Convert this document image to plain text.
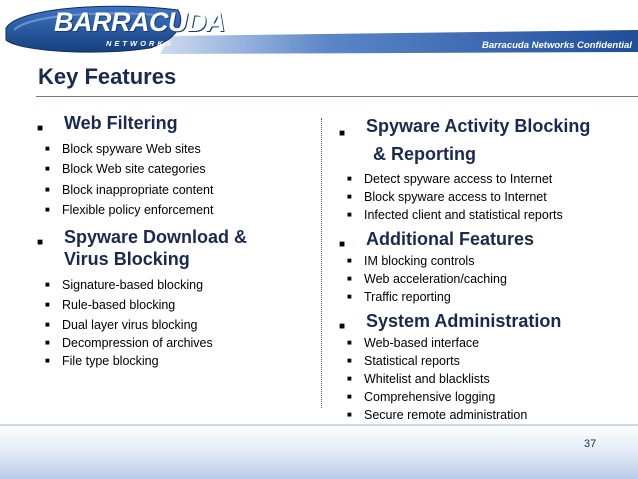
BARRACUDA
NETWORKS	Barracuda Networks Confidential
Key Features
■ Web Filtering
■ Block spyware Web sites
■ Block Web site categories
■ Block inappropriate content
■ Flexible policy enforcement
■ Spyware Download &
Virus Blocking
■ Signature-based blocking
■ Rule-based blocking
■ Dual layer virus blocking
■ Decompression of archives
■ File type blocking
■ Spyware Activity Blocking
& Reporting
■ Detect spyware access to Internet
■ Block spyware access to Internet
■ Infected client and statistical reports
■ Additional Features
■ IM blocking controls
■ Web acceleration/caching
■ Traffic reporting
■ System Administration
■ Web-based interface
■ Statistical reports
■ Whitelist and blacklists
■ Comprehensive logging
■ Secure remote administration
37
